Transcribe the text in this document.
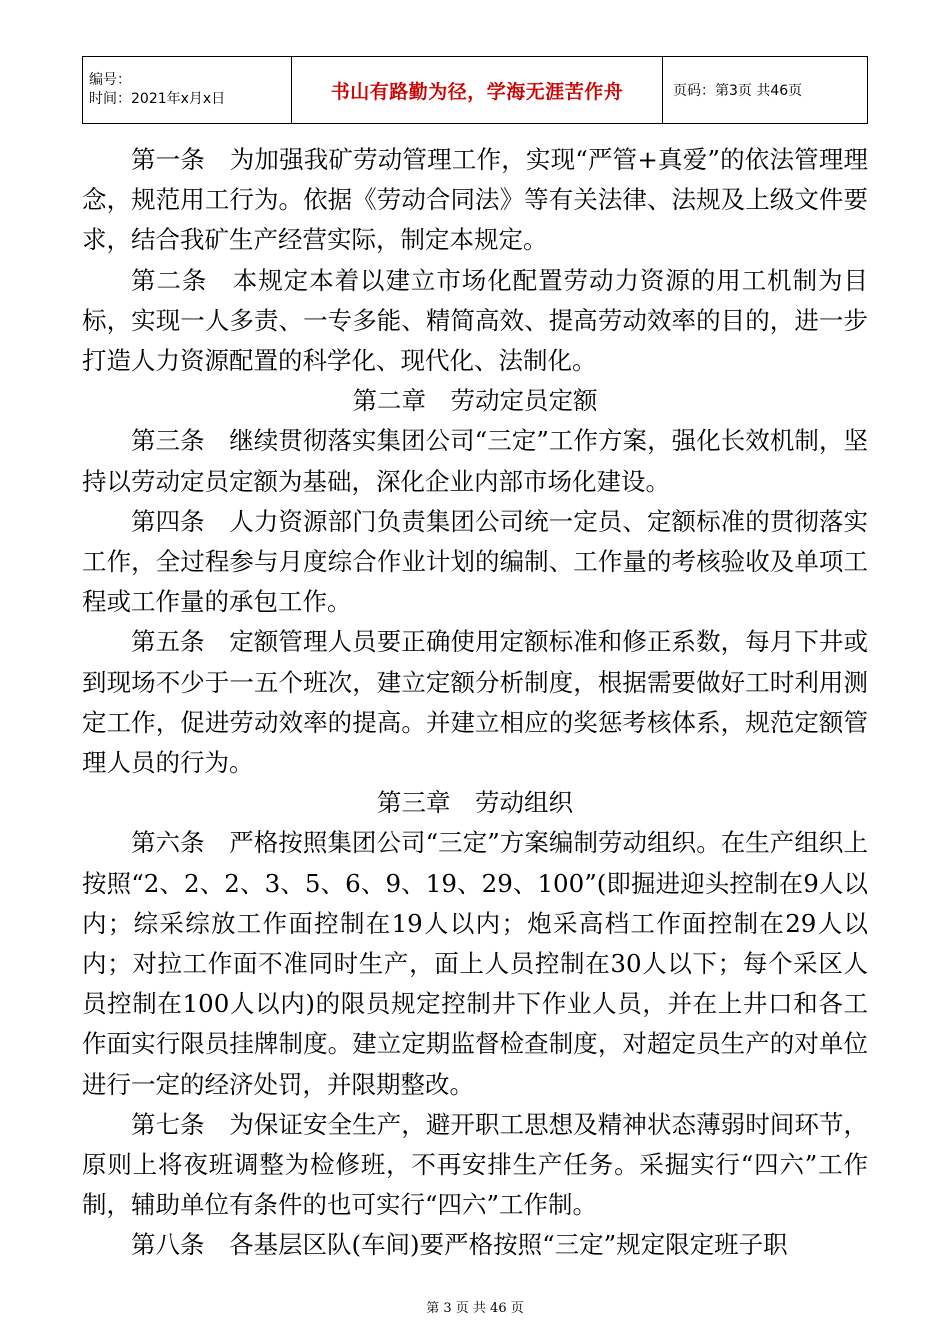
编号：
时间：2021年x月x日	书山有路勤为径，学海无涯苦作舟	页码：第3页 共46页

第一条　为加强我矿劳动管理工作，实现“严管+真爱”的依法管理理念，规范用工行为。依据《劳动合同法》等有关法律、法规及上级文件要求，结合我矿生产经营实际，制定本规定。

第二条　本规定本着以建立市场化配置劳动力资源的用工机制为目标，实现一人多责、一专多能、精简高效、提高劳动效率的目的，进一步打造人力资源配置的科学化、现代化、法制化。

第二章　劳动定员定额

第三条　继续贯彻落实集团公司“三定”工作方案，强化长效机制，坚持以劳动定员定额为基础，深化企业内部市场化建设。

第四条　人力资源部门负责集团公司统一定员、定额标准的贯彻落实工作，全过程参与月度综合作业计划的编制、工作量的考核验收及单项工程或工作量的承包工作。

第五条　定额管理人员要正确使用定额标准和修正系数，每月下井或到现场不少于一五个班次，建立定额分析制度，根据需要做好工时利用测定工作，促进劳动效率的提高。并建立相应的奖惩考核体系，规范定额管理人员的行为。

第三章　劳动组织

第六条　严格按照集团公司“三定”方案编制劳动组织。在生产组织上按照“2、2、2、3、5、6、9、19、29、100”(即掘进迎头控制在9人以内；综采综放工作面控制在19人以内；炮采高档工作面控制在29人以内；对拉工作面不准同时生产，面上人员控制在30人以下；每个采区人员控制在100人以内)的限员规定控制井下作业人员，并在上井口和各工作面实行限员挂牌制度。建立定期监督检查制度，对超定员生产的对单位进行一定的经济处罚，并限期整改。

第七条　为保证安全生产，避开职工思想及精神状态薄弱时间环节，原则上将夜班调整为检修班，不再安排生产任务。采掘实行“四六”工作制，辅助单位有条件的也可实行“四六”工作制。

第八条　各基层区队(车间)要严格按照“三定”规定限定班子职

第 3 页 共 46 页
